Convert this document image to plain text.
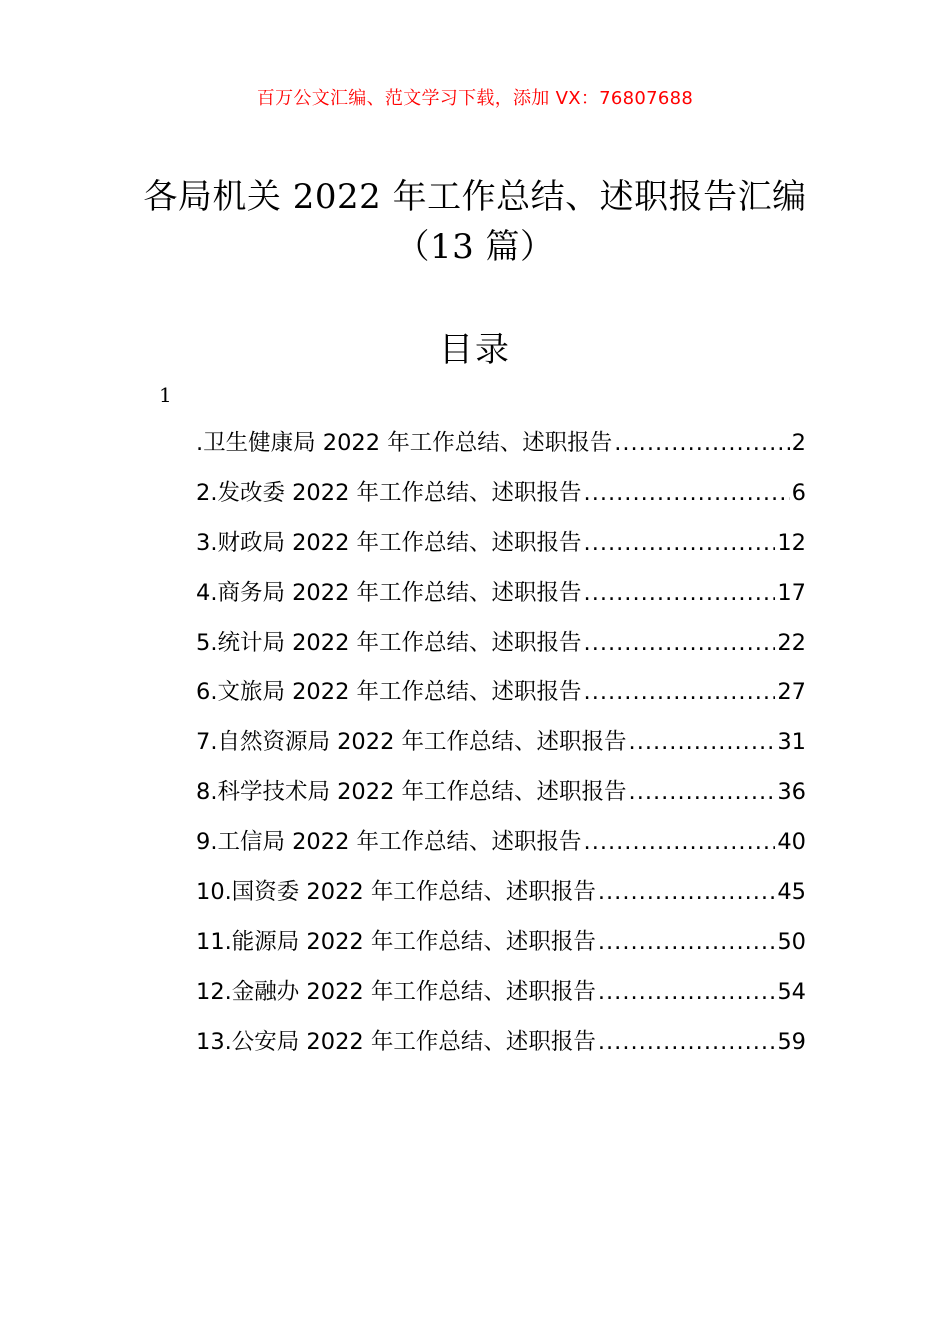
百万公文汇编、范文学习下载，添加 VX：76807688
各局机关 2022 年工作总结、述职报告汇编
（13 篇）
目录
1
.卫生健康局 2022 年工作总结、述职报告 .....	2
2.发改委 2022 年工作总结、述职报告 .....	6
3.财政局 2022 年工作总结、述职报告 .....	12
4.商务局 2022 年工作总结、述职报告 .....	17
5.统计局 2022 年工作总结、述职报告 .....	22
6.文旅局 2022 年工作总结、述职报告 .....	27
7.自然资源局 2022 年工作总结、述职报告 .....	31
8.科学技术局 2022 年工作总结、述职报告 .....	36
9.工信局 2022 年工作总结、述职报告 .....	40
10.国资委 2022 年工作总结、述职报告 .....	45
11.能源局 2022 年工作总结、述职报告 .....	50
12.金融办 2022 年工作总结、述职报告 .....	54
13.公安局 2022 年工作总结、述职报告 .....	59
